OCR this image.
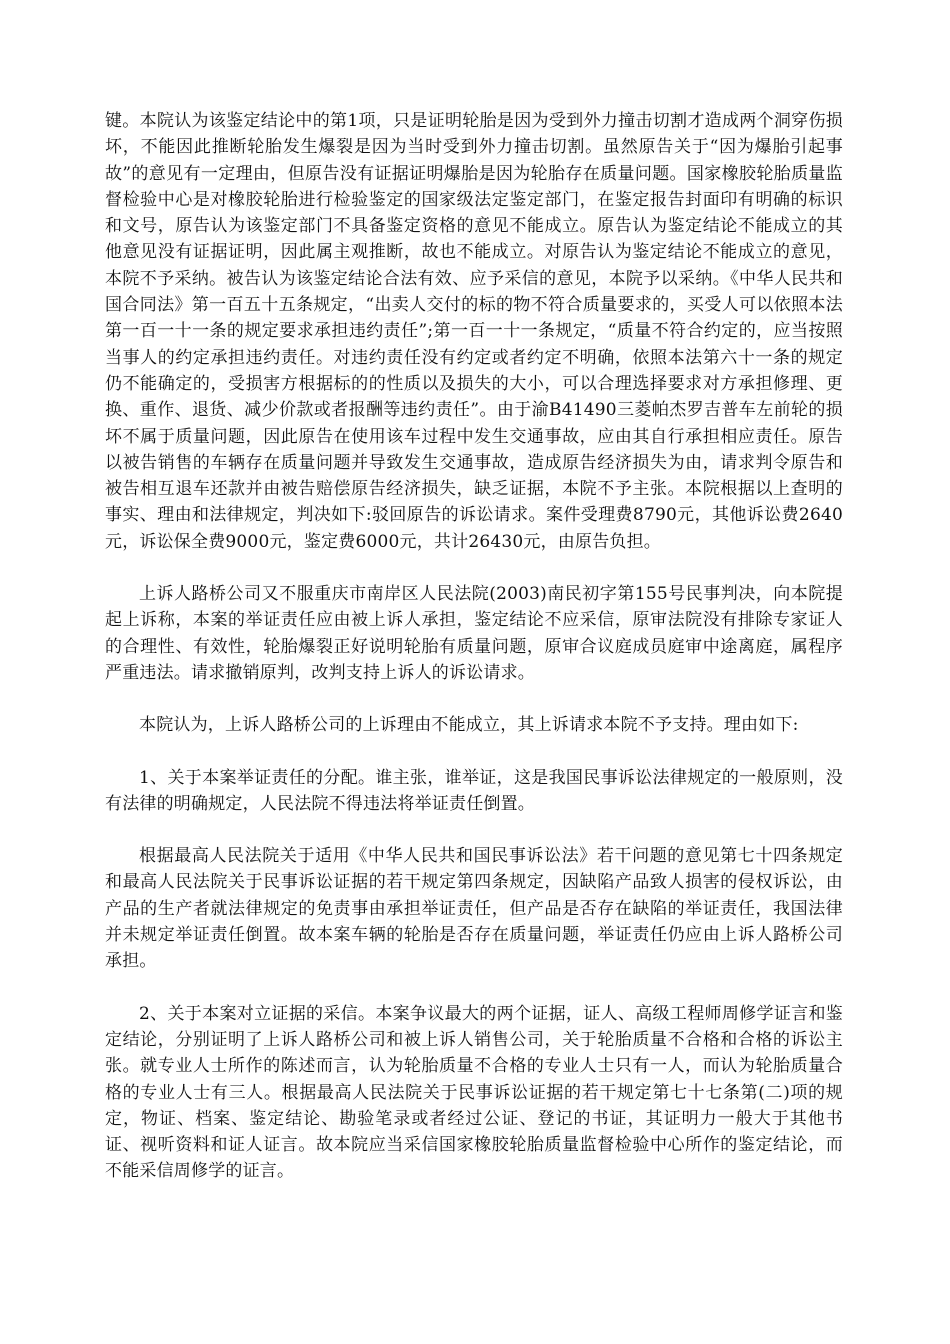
键。本院认为该鉴定结论中的第1项，只是证明轮胎是因为受到外力撞击切割才造成两个洞穿伤损坏，不能因此推断轮胎发生爆裂是因为当时受到外力撞击切割。虽然原告关于“因为爆胎引起事故”的意见有一定理由，但原告没有证据证明爆胎是因为轮胎存在质量问题。国家橡胶轮胎质量监督检验中心是对橡胶轮胎进行检验鉴定的国家级法定鉴定部门，在鉴定报告封面印有明确的标识和文号，原告认为该鉴定部门不具备鉴定资格的意见不能成立。原告认为鉴定结论不能成立的其他意见没有证据证明，因此属主观推断，故也不能成立。对原告认为鉴定结论不能成立的意见，本院不予采纳。被告认为该鉴定结论合法有效、应予采信的意见，本院予以采纳。《中华人民共和国合同法》第一百五十五条规定，“出卖人交付的标的物不符合质量要求的，买受人可以依照本法第一百一十一条的规定要求承担违约责任”;第一百一十一条规定，“质量不符合约定的，应当按照当事人的约定承担违约责任。对违约责任没有约定或者约定不明确，依照本法第六十一条的规定仍不能确定的，受损害方根据标的的性质以及损失的大小，可以合理选择要求对方承担修理、更换、重作、退货、减少价款或者报酬等违约责任”。由于渝B41490三菱帕杰罗吉普车左前轮的损坏不属于质量问题，因此原告在使用该车过程中发生交通事故，应由其自行承担相应责任。原告以被告销售的车辆存在质量问题并导致发生交通事故，造成原告经济损失为由，请求判令原告和被告相互退车还款并由被告赔偿原告经济损失，缺乏证据，本院不予主张。本院根据以上查明的事实、理由和法律规定，判决如下:驳回原告的诉讼请求。案件受理费8790元，其他诉讼费2640元，诉讼保全费9000元，鉴定费6000元，共计26430元，由原告负担。

上诉人路桥公司又不服重庆市南岸区人民法院(2003)南民初字第155号民事判决，向本院提起上诉称，本案的举证责任应由被上诉人承担，鉴定结论不应采信，原审法院没有排除专家证人的合理性、有效性，轮胎爆裂正好说明轮胎有质量问题，原审合议庭成员庭审中途离庭，属程序严重违法。请求撤销原判，改判支持上诉人的诉讼请求。

本院认为，上诉人路桥公司的上诉理由不能成立，其上诉请求本院不予支持。理由如下:

1、关于本案举证责任的分配。谁主张，谁举证，这是我国民事诉讼法律规定的一般原则，没有法律的明确规定，人民法院不得违法将举证责任倒置。

根据最高人民法院关于适用《中华人民共和国民事诉讼法》若干问题的意见第七十四条规定和最高人民法院关于民事诉讼证据的若干规定第四条规定，因缺陷产品致人损害的侵权诉讼，由产品的生产者就法律规定的免责事由承担举证责任，但产品是否存在缺陷的举证责任，我国法律并未规定举证责任倒置。故本案车辆的轮胎是否存在质量问题，举证责任仍应由上诉人路桥公司承担。

2、关于本案对立证据的采信。本案争议最大的两个证据，证人、高级工程师周修学证言和鉴定结论，分别证明了上诉人路桥公司和被上诉人销售公司，关于轮胎质量不合格和合格的诉讼主张。就专业人士所作的陈述而言，认为轮胎质量不合格的专业人士只有一人，而认为轮胎质量合格的专业人士有三人。根据最高人民法院关于民事诉讼证据的若干规定第七十七条第(二)项的规定，物证、档案、鉴定结论、勘验笔录或者经过公证、登记的书证，其证明力一般大于其他书证、视听资料和证人证言。故本院应当采信国家橡胶轮胎质量监督检验中心所作的鉴定结论，而不能采信周修学的证言。
